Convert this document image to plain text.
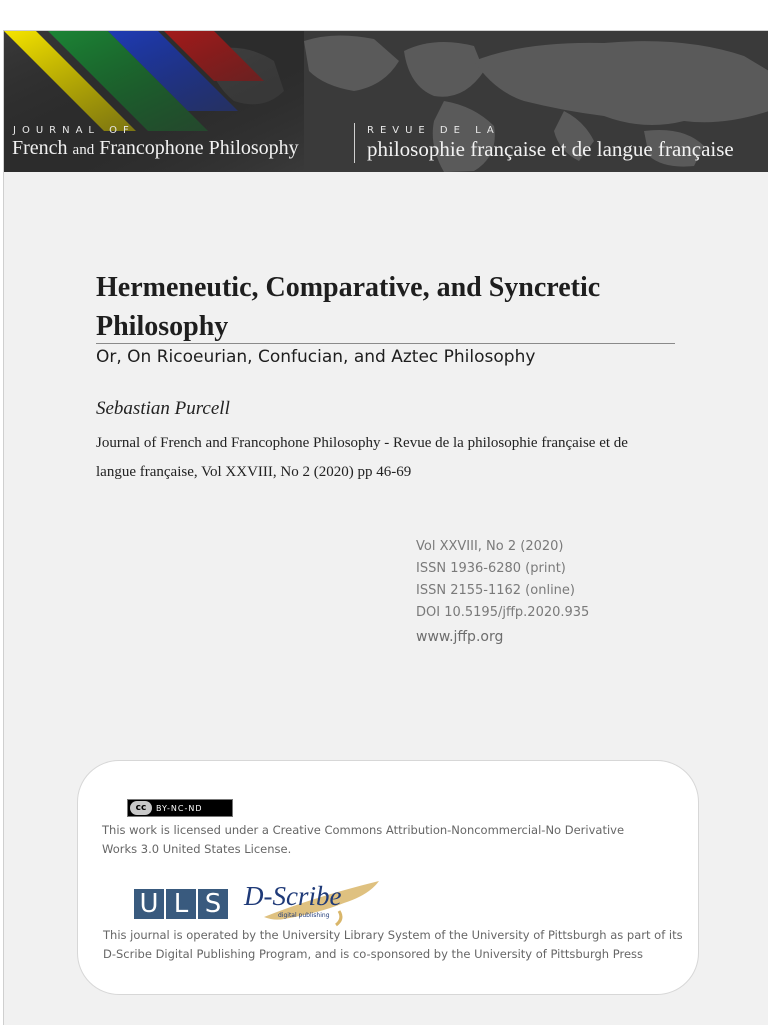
JOURNAL OF
French and Francophone Philosophy
REVUE DE LA
philosophie française et de langue française
Hermeneutic, Comparative, and Syncretic Philosophy
Or, On Ricoeurian, Confucian, and Aztec Philosophy
Sebastian Purcell
Journal of French and Francophone Philosophy - Revue de la philosophie française et de langue française, Vol XXVIII, No 2 (2020) pp 46-69
Vol XXVIII, No 2 (2020)
ISSN 1936-6280 (print)
ISSN 2155-1162 (online)
DOI 10.5195/jffp.2020.935
www.jffp.org
cc	BY-NC-ND
This work is licensed under a Creative Commons Attribution-Noncommercial-No Derivative Works 3.0 United States License.
U L S D-Scribe
digital publishing
This journal is operated by the University Library System of the University of Pittsburgh as part of its D-Scribe Digital Publishing Program, and is co-sponsored by the University of Pittsburgh Press
